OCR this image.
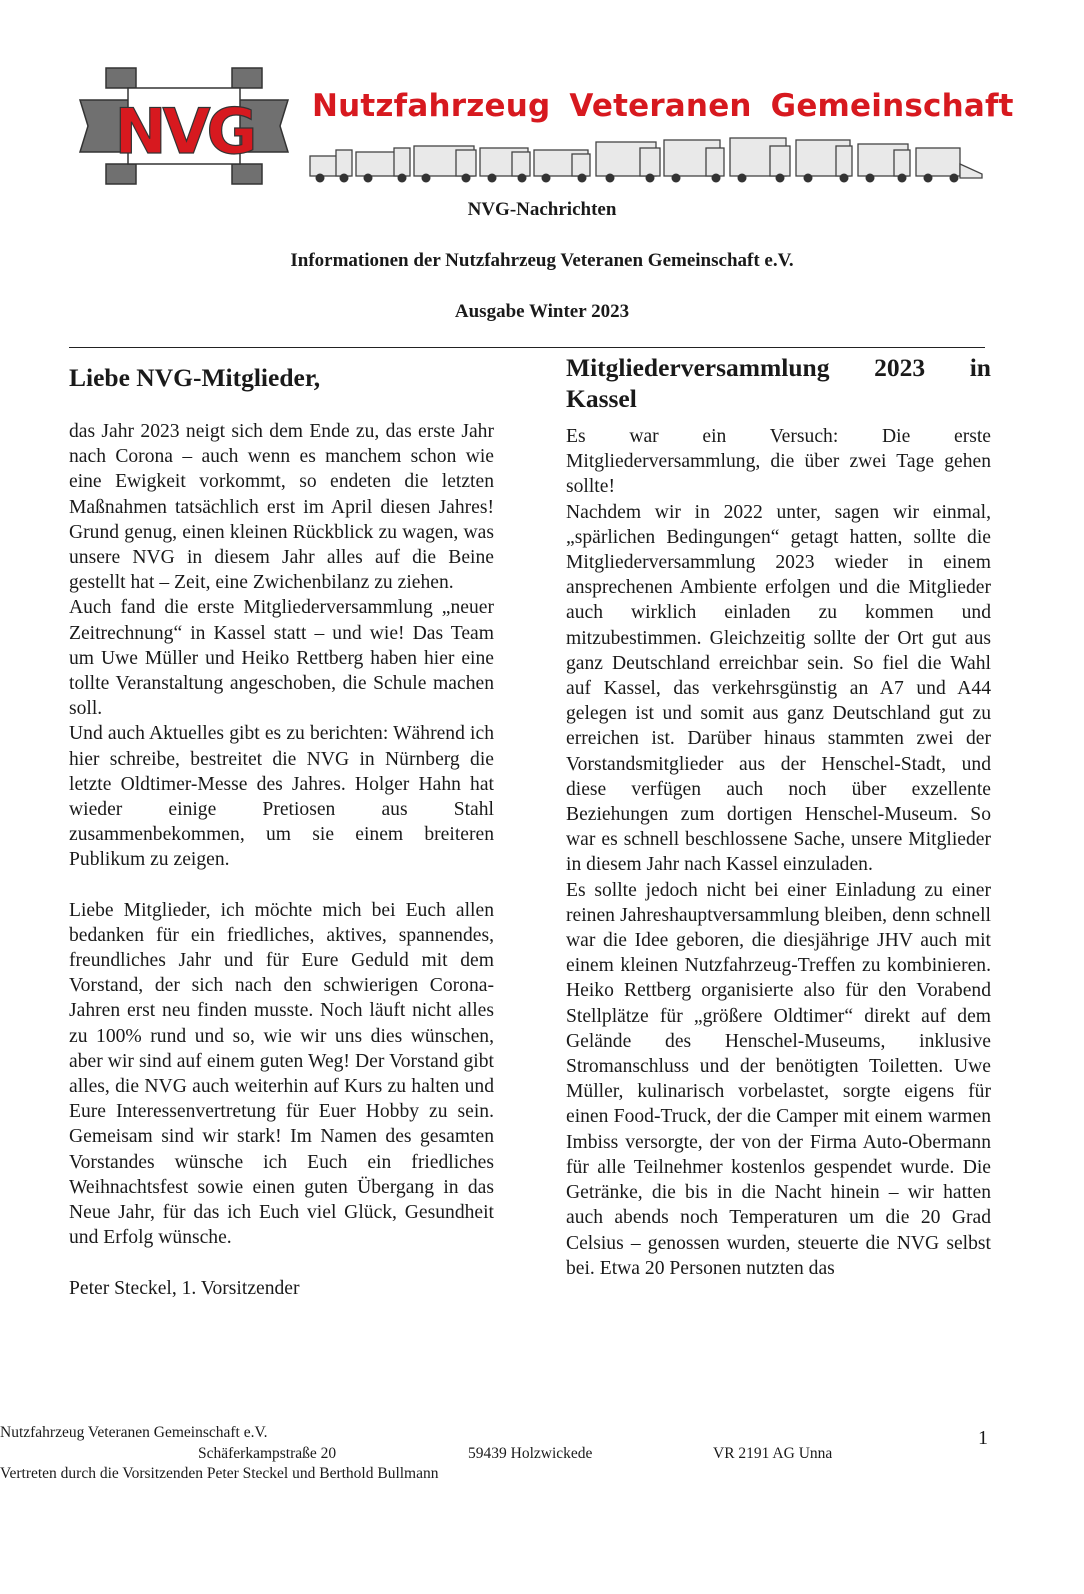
NVG Nutzfahrzeug Veteranen Gemeinschaft
NVG-Nachrichten
Informationen der Nutzfahrzeug Veteranen Gemeinschaft e.V.
Ausgabe Winter 2023
Liebe NVG-Mitglieder,

das Jahr 2023 neigt sich dem Ende zu, das erste Jahr nach Corona – auch wenn es manchem schon wie eine Ewigkeit vorkommt, so endeten die letzten Maßnahmen tatsächlich erst im April diesen Jahres! Grund genug, einen kleinen Rückblick zu wagen, was unsere NVG in diesem Jahr alles auf die Beine gestellt hat – Zeit, eine Zwichenbilanz zu ziehen.

Auch fand die erste Mitgliederversammlung „neuer Zeitrechnung“ in Kassel statt – und wie! Das Team um Uwe Müller und Heiko Rettberg haben hier eine tollte Veranstaltung angeschoben, die Schule machen soll.

Und auch Aktuelles gibt es zu berichten: Während ich hier schreibe, bestreitet die NVG in Nürnberg die letzte Oldtimer-Messe des Jahres. Holger Hahn hat wieder einige Pretiosen aus Stahl zusammenbekommen, um sie einem breiteren Publikum zu zeigen.

Liebe Mitglieder, ich möchte mich bei Euch allen bedanken für ein friedliches, aktives, spannendes, freundliches Jahr und für Eure Geduld mit dem Vorstand, der sich nach den schwierigen Corona-Jahren erst neu finden musste. Noch läuft nicht alles zu 100% rund und so, wie wir uns dies wünschen, aber wir sind auf einem guten Weg! Der Vorstand gibt alles, die NVG auch weiterhin auf Kurs zu halten und Eure Interessenvertretung für Euer Hobby zu sein. Gemeisam sind wir stark! Im Namen des gesamten Vorstandes wünsche ich Euch ein friedliches Weihnachtsfest sowie einen guten Übergang in das Neue Jahr, für das ich Euch viel Glück, Gesundheit und Erfolg wünsche.

Peter Steckel, 1. Vorsitzender

Mitgliederversammlung 2023 in
Kassel

Es war ein Versuch: Die erste Mitgliederversammlung, die über zwei Tage gehen sollte!

Nachdem wir in 2022 unter, sagen wir einmal, „spärlichen Bedingungen“ getagt hatten, sollte die Mitgliederversammlung 2023 wieder in einem ansprechenen Ambiente erfolgen und die Mitglieder auch wirklich einladen zu kommen und mitzubestimmen. Gleichzeitig sollte der Ort gut aus ganz Deutschland erreichbar sein. So fiel die Wahl auf Kassel, das verkehrsgünstig an A7 und A44 gelegen ist und somit aus ganz Deutschland gut zu erreichen ist. Darüber hinaus stammten zwei der Vorstandsmitglieder aus der Henschel-Stadt, und diese verfügen auch noch über exzellente Beziehungen zum dortigen Henschel-Museum. So war es schnell beschlossene Sache, unsere Mitglieder in diesem Jahr nach Kassel einzuladen.

Es sollte jedoch nicht bei einer Einladung zu einer reinen Jahreshauptversammlung bleiben, denn schnell war die Idee geboren, die diesjährige JHV auch mit einem kleinen Nutzfahrzeug-Treffen zu kombinieren. Heiko Rettberg organisierte also für den Vorabend Stellplätze für „größere Oldtimer“ direkt auf dem Gelände des Henschel-Museums, inklusive Stromanschluss und der benötigten Toiletten. Uwe Müller, kulinarisch vorbelastet, sorgte eigens für einen Food-Truck, der die Camper mit einem warmen Imbiss versorgte, der von der Firma Auto-Obermann für alle Teilnehmer kostenlos gespendet wurde. Die Getränke, die bis in die Nacht hinein – wir hatten auch abends noch Temperaturen um die 20 Grad Celsius – genossen wurden, steuerte die NVG selbst bei. Etwa 20 Personen nutzten das

Nutzfahrzeug Veteranen Gemeinschaft e.V.
Schäferkampstraße 20	59439 Holzwickede	VR 2191 AG Unna
Vertreten durch die Vorsitzenden Peter Steckel und Berthold Bullmann
1
